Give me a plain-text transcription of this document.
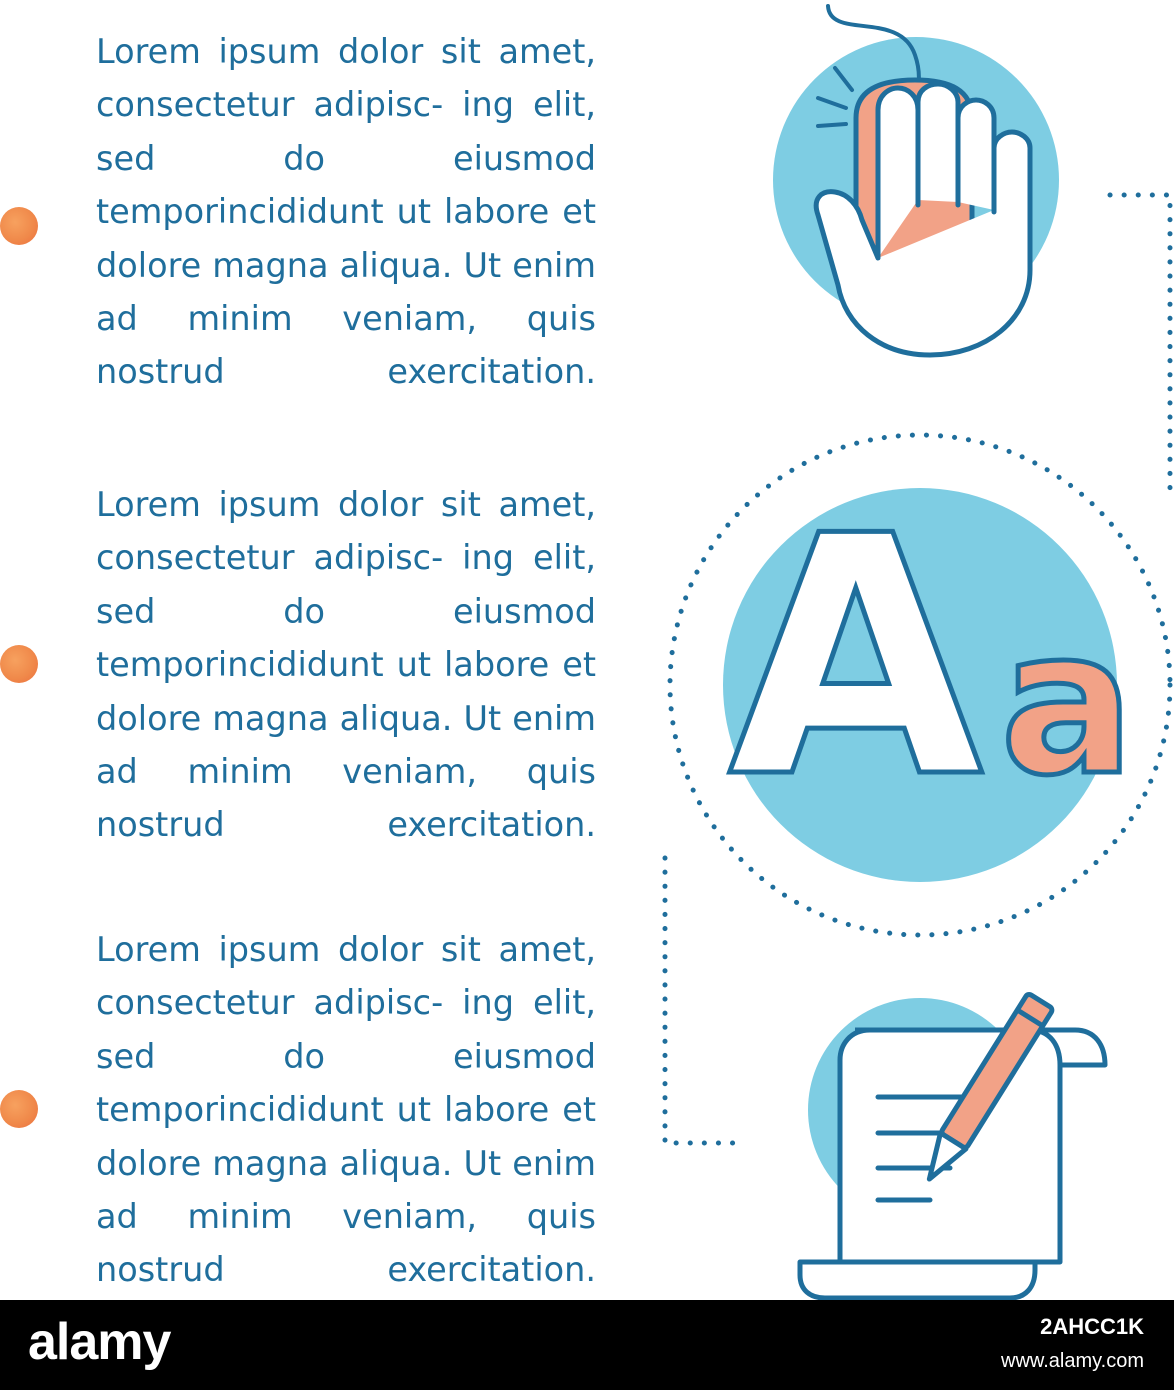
Lorem ipsum dolor sit amet, consectetur adipisc- ing elit, sed do eiusmod temporincididunt ut labore et dolore magna aliqua. Ut enim ad minim veniam, quis nostrud exercitation.

Lorem ipsum dolor sit amet, consectetur adipisc- ing elit, sed do eiusmod temporincididunt ut labore et dolore magna aliqua. Ut enim ad minim veniam, quis nostrud exercitation.

Lorem ipsum dolor sit amet, consectetur adipisc- ing elit, sed do eiusmod temporincididunt ut labore et dolore magna aliqua. Ut enim ad minim veniam, quis nostrud exercitation.

A a
alamy	2AHCC1K
www.alamy.com
